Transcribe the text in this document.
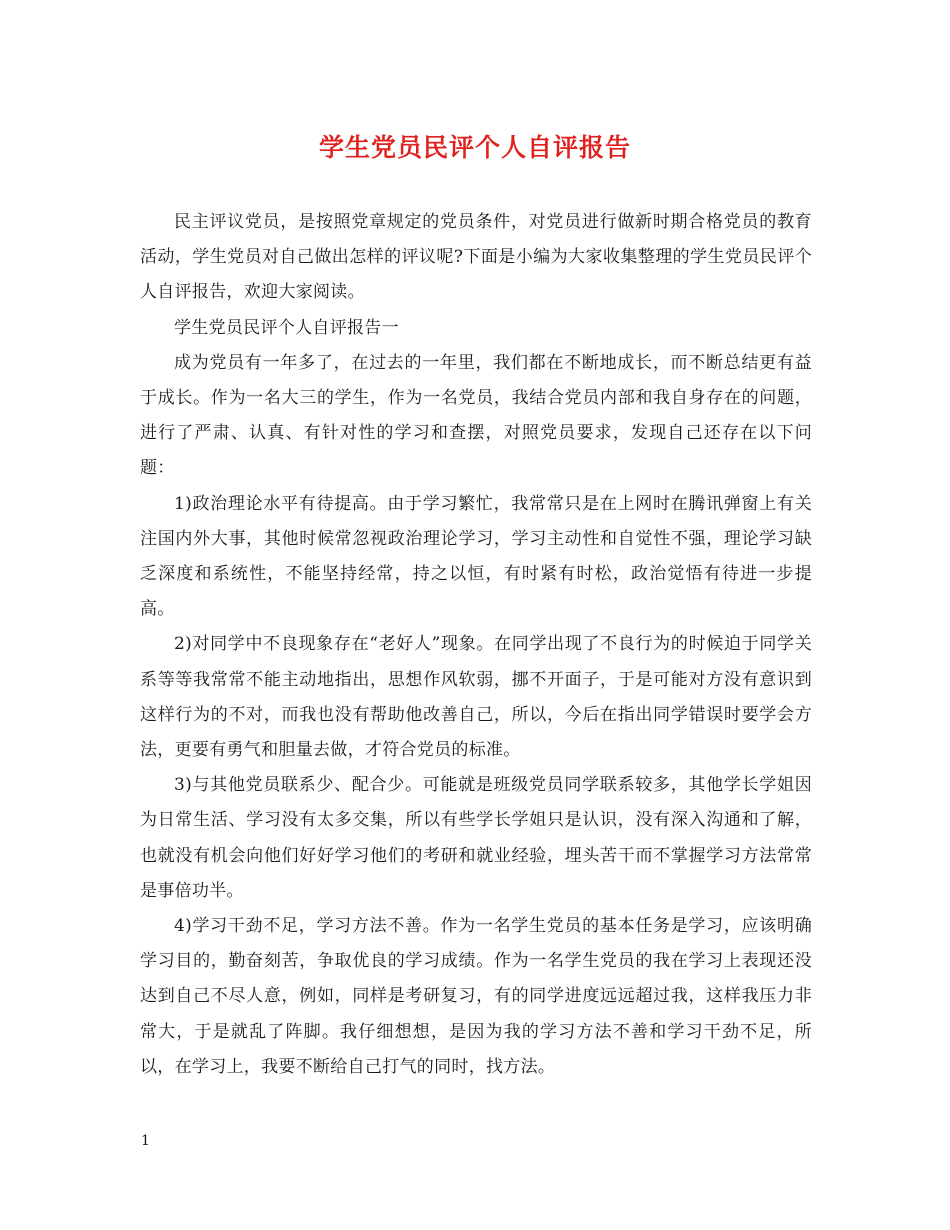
学生党员民评个人自评报告

民主评议党员，是按照党章规定的党员条件，对党员进行做新时期合格党员的教育活动，学生党员对自己做出怎样的评议呢?下面是小编为大家收集整理的学生党员民评个人自评报告，欢迎大家阅读。

学生党员民评个人自评报告一

成为党员有一年多了，在过去的一年里，我们都在不断地成长，而不断总结更有益于成长。作为一名大三的学生，作为一名党员，我结合党员内部和我自身存在的问题，进行了严肃、认真、有针对性的学习和查摆，对照党员要求，发现自己还存在以下问题：

1)政治理论水平有待提高。由于学习繁忙，我常常只是在上网时在腾讯弹窗上有关注国内外大事，其他时候常忽视政治理论学习，学习主动性和自觉性不强，理论学习缺乏深度和系统性，不能坚持经常，持之以恒，有时紧有时松，政治觉悟有待进一步提高。

2)对同学中不良现象存在“老好人”现象。在同学出现了不良行为的时候迫于同学关系等等我常常不能主动地指出，思想作风软弱，挪不开面子，于是可能对方没有意识到这样行为的不对，而我也没有帮助他改善自己，所以，今后在指出同学错误时要学会方法，更要有勇气和胆量去做，才符合党员的标准。

3)与其他党员联系少、配合少。可能就是班级党员同学联系较多，其他学长学姐因为日常生活、学习没有太多交集，所以有些学长学姐只是认识，没有深入沟通和了解，也就没有机会向他们好好学习他们的考研和就业经验，埋头苦干而不掌握学习方法常常是事倍功半。

4)学习干劲不足，学习方法不善。作为一名学生党员的基本任务是学习，应该明确学习目的，勤奋刻苦，争取优良的学习成绩。作为一名学生党员的我在学习上表现还没达到自己不尽人意，例如，同样是考研复习，有的同学进度远远超过我，这样我压力非常大，于是就乱了阵脚。我仔细想想，是因为我的学习方法不善和学习干劲不足，所以，在学习上，我要不断给自己打气的同时，找方法。

1
